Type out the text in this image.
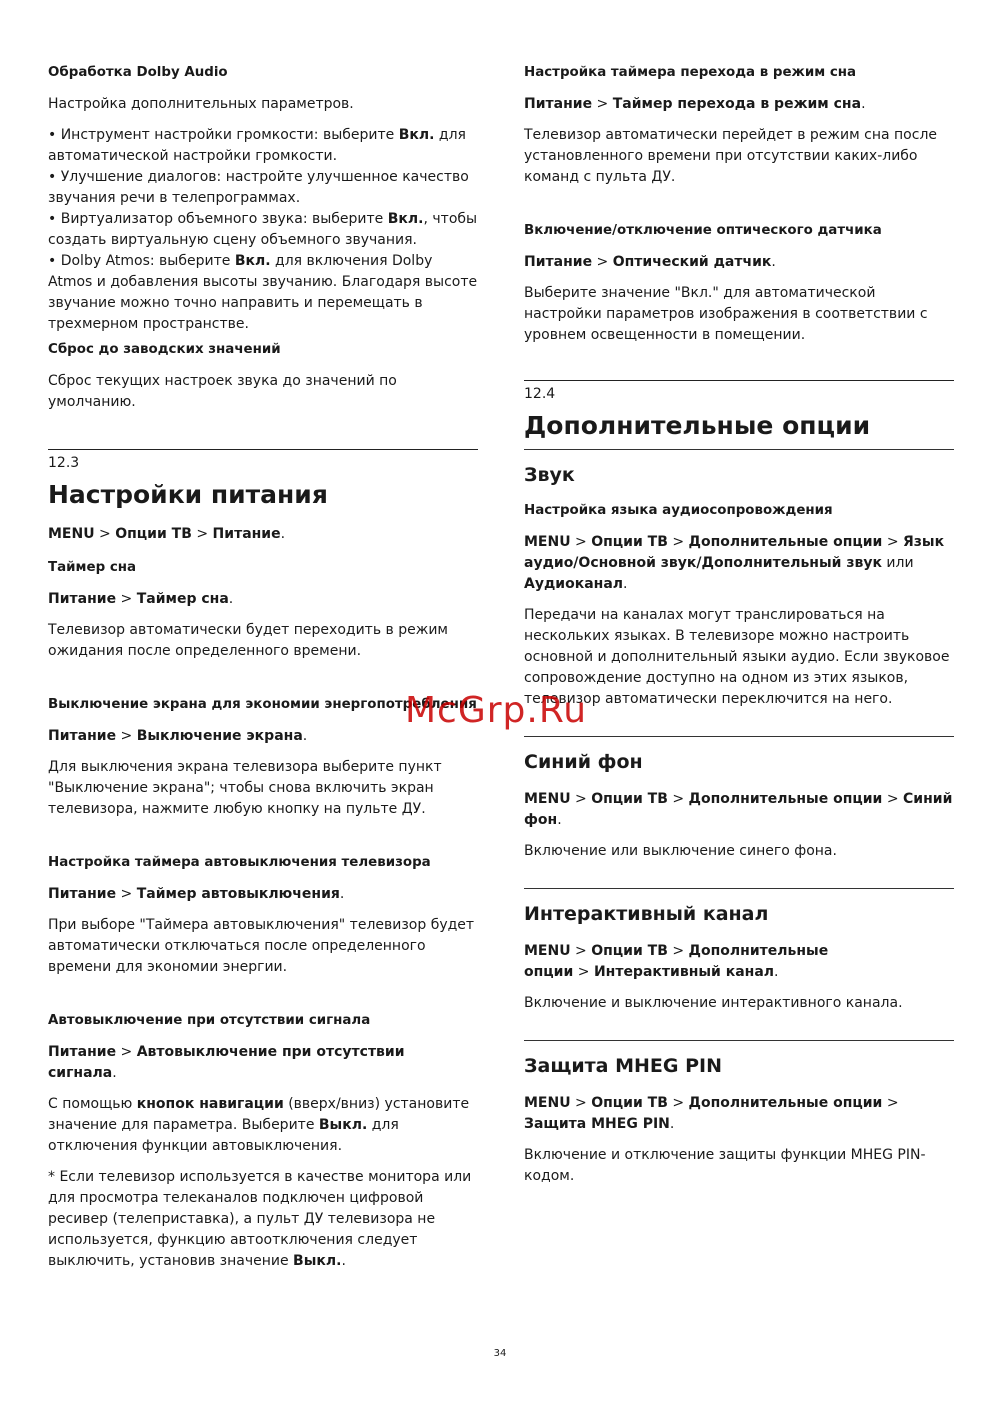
Обработка Dolby Audio

Настройка дополнительных параметров.

• Инструмент настройки громкости: выберите Вкл. для автоматической настройки громкости.

• Улучшение диалогов: настройте улучшенное качество звучания речи в телепрограммах.

• Виртуализатор объемного звука: выберите Вкл., чтобы создать виртуальную сцену объемного звучания.

• Dolby Atmos: выберите Вкл. для включения Dolby Atmos и добавления высоты звучанию. Благодаря высоте звучание можно точно направить и перемещать в трехмерном пространстве.

Сброс до заводских значений

Сброс текущих настроек звука до значений по умолчанию.

12.3
Настройки питания
MENU > Опции ТВ > Питание.
Таймер сна
Питание > Таймер сна.

Телевизор автоматически будет переходить в режим ожидания после определенного времени.

Выключение экрана для экономии энергопотребления
Питание > Выключение экрана.

Для выключения экрана телевизора выберите пункт "Выключение экрана"; чтобы снова включить экран телевизора, нажмите любую кнопку на пульте ДУ.

Настройка таймера автовыключения телевизора
Питание > Таймер автовыключения.

При выборе "Таймера автовыключения" телевизор будет автоматически отключаться после определенного времени для экономии энергии.

Автовыключение при отсутствии сигнала
Питание > Автовыключение при отсутствии сигнала.

С помощью кнопок навигации (вверх/вниз) установите значение для параметра. Выберите Выкл. для отключения функции автовыключения.

* Если телевизор используется в качестве монитора или для просмотра телеканалов подключен цифровой ресивер (телеприставка), а пульт ДУ телевизора не используется, функцию автоотключения следует выключить, установив значение Выкл..

Настройка таймера перехода в режим сна
Питание > Таймер перехода в режим сна.

Телевизор автоматически перейдет в режим сна после установленного времени при отсутствии каких-либо команд с пульта ДУ.

Включение/отключение оптического датчика
Питание > Оптический датчик.

Выберите значение "Вкл." для автоматической настройки параметров изображения в соответствии с уровнем освещенности в помещении.

12.4
Дополнительные опции
Звук
Настройка языка аудиосопровождения
MENU > Опции ТВ > Дополнительные опции > Язык аудио/Основной звук/Дополнительный звук или Аудиоканал.

Передачи на каналах могут транслироваться на нескольких языках. В телевизоре можно настроить основной и дополнительный языки аудио. Если звуковое сопровождение доступно на одном из этих языков, телевизор автоматически переключится на него.

Синий фон
MENU > Опции ТВ > Дополнительные опции > Синий фон.

Включение или выключение синего фона.

Интерактивный канал
MENU > Опции ТВ > Дополнительные
опции > Интерактивный канал.

Включение и выключение интерактивного канала.

Защита MHEG PIN
MENU > Опции ТВ > Дополнительные опции > Защита MHEG PIN.

Включение и отключение защиты функции MHEG PIN-кодом.

McGrp.Ru
34
